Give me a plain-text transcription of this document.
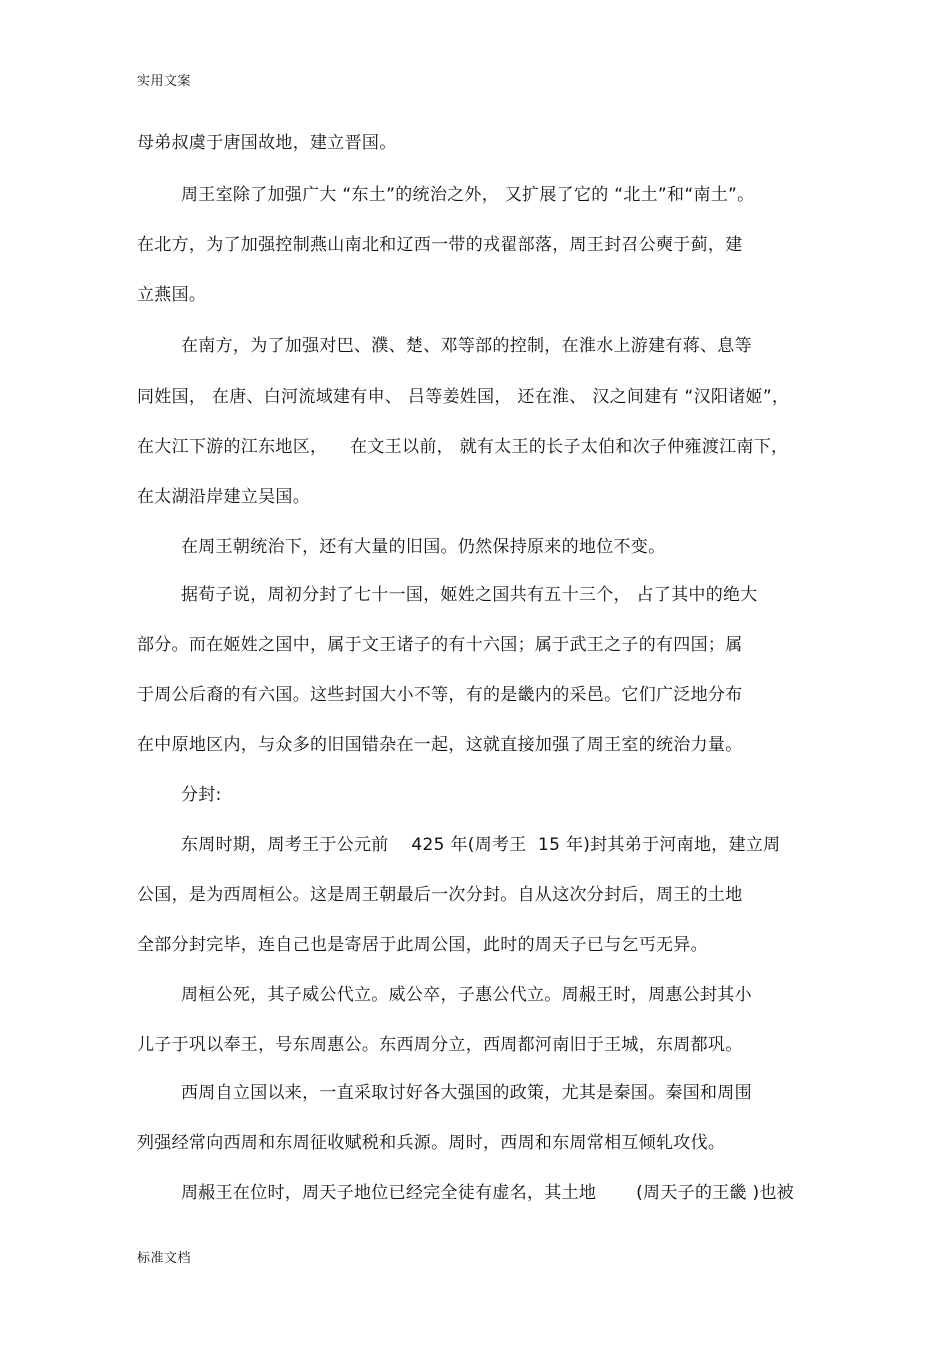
实用文案
母弟叔虞于唐国故地，建立晋国。
周王室除了加强广大 “东土”的统治之外， 又扩展了它的 “北土”和“南土”。
在北方，为了加强控制燕山南北和辽西一带的戎翟部落，周王封召公奭于蓟，建
立燕国。
在南方，为了加强对巴、濮、楚、邓等部的控制，在淮水上游建有蒋、息等
同姓国， 在唐、白河流域建有申、 吕等姜姓国， 还在淮、 汉之间建有 “汉阳诸姬”，
在大江下游的江东地区，    在文王以前， 就有太王的长子太伯和次子仲雍渡江南下，
在太湖沿岸建立吴国。
在周王朝统治下，还有大量的旧国。仍然保持原来的地位不变。
据荀子说，周初分封了七十一国，姬姓之国共有五十三个， 占了其中的绝大
部分。而在姬姓之国中，属于文王诸子的有十六国；属于武王之子的有四国；属
于周公后裔的有六国。这些封国大小不等，有的是畿内的采邑。它们广泛地分布
在中原地区内，与众多的旧国错杂在一起，这就直接加强了周王室的统治力量。
分封:
东周时期，周考王于公元前    425 年(周考王  15 年)封其弟于河南地，建立周
公国，是为西周桓公。这是周王朝最后一次分封。自从这次分封后，周王的土地
全部分封完毕，连自己也是寄居于此周公国，此时的周天子已与乞丐无异。
周桓公死，其子威公代立。威公卒，子惠公代立。周赧王时，周惠公封其小
儿子于巩以奉王，号东周惠公。东西周分立，西周都河南旧于王城，东周都巩。
西周自立国以来，一直采取讨好各大强国的政策，尤其是秦国。秦国和周围
列强经常向西周和东周征收赋税和兵源。周时，西周和东周常相互倾轧攻伐。
周赧王在位时，周天子地位已经完全徒有虚名，其土地       (周天子的王畿 )也被
标准文档
